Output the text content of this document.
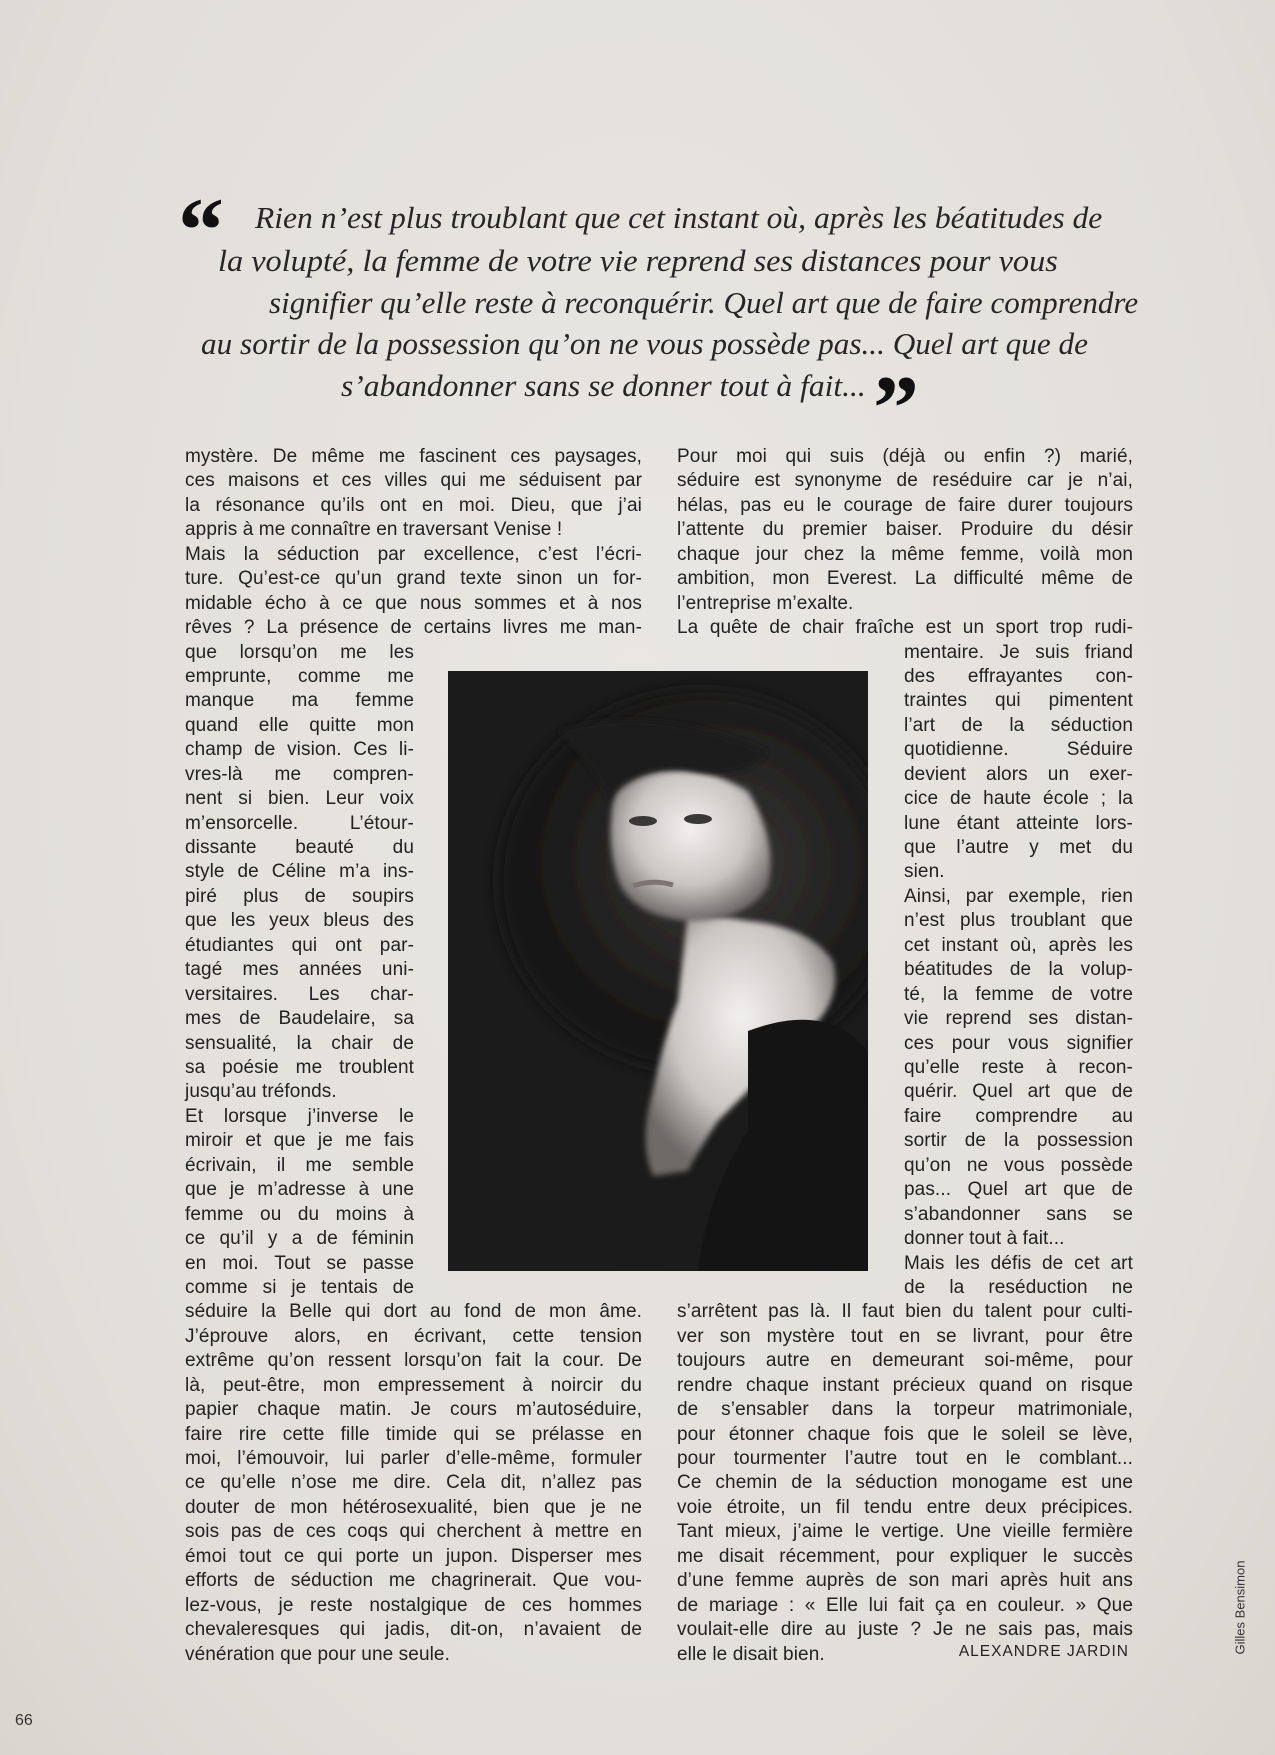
“ Rien n’est plus troublant que cet instant où, après les béatitudes de
la volupté, la femme de votre vie reprend ses distances pour vous
signifier qu’elle reste à reconquérir. Quel art que de faire comprendre
au sortir de la possession qu’on ne vous possède pas... Quel art que de
s’abandonner sans se donner tout à fait... ”
mystère. De même me fascinent ces paysages,
ces maisons et ces villes qui me séduisent par
la résonance qu’ils ont en moi. Dieu, que j’ai
appris à me connaître en traversant Venise !
Mais la séduction par excellence, c’est l’écri-
ture. Qu’est-ce qu’un grand texte sinon un for-
midable écho à ce que nous sommes et à nos
rêves ? La présence de certains livres me man-
que lorsqu’on me les
emprunte, comme me
manque ma femme
quand elle quitte mon
champ de vision. Ces li-
vres-là me compren-
nent si bien. Leur voix
m’ensorcelle. L’étour-
dissante beauté du
style de Céline m’a ins-
piré plus de soupirs
que les yeux bleus des
étudiantes qui ont par-
tagé mes années uni-
versitaires. Les char-
mes de Baudelaire, sa
sensualité, la chair de
sa poésie me troublent
jusqu’au tréfonds.
Et lorsque j’inverse le
miroir et que je me fais
écrivain, il me semble
que je m’adresse à une
femme ou du moins à
ce qu’il y a de féminin
en moi. Tout se passe
comme si je tentais de
séduire la Belle qui dort au fond de mon âme.
J’éprouve alors, en écrivant, cette tension
extrême qu’on ressent lorsqu’on fait la cour. De
là, peut-être, mon empressement à noircir du
papier chaque matin. Je cours m’autoséduire,
faire rire cette fille timide qui se prélasse en
moi, l’émouvoir, lui parler d’elle-même, formuler
ce qu’elle n’ose me dire. Cela dit, n’allez pas
douter de mon hétérosexualité, bien que je ne
sois pas de ces coqs qui cherchent à mettre en
émoi tout ce qui porte un jupon. Disperser mes
efforts de séduction me chagrinerait. Que vou-
lez-vous, je reste nostalgique de ces hommes
chevaleresques qui jadis, dit-on, n’avaient de
vénération que pour une seule.
Pour moi qui suis (déjà ou enfin ?) marié,
séduire est synonyme de reséduire car je n’ai,
hélas, pas eu le courage de faire durer toujours
l’attente du premier baiser. Produire du désir
chaque jour chez la même femme, voilà mon
ambition, mon Everest. La difficulté même de
l’entreprise m’exalte.
La quête de chair fraîche est un sport trop rudi-
mentaire. Je suis friand
des effrayantes con-
traintes qui pimentent
l’art de la séduction
quotidienne. Séduire
devient alors un exer-
cice de haute école ; la
lune étant atteinte lors-
que l’autre y met du
sien.
Ainsi, par exemple, rien
n’est plus troublant que
cet instant où, après les
béatitudes de la volup-
té, la femme de votre
vie reprend ses distan-
ces pour vous signifier
qu’elle reste à recon-
quérir. Quel art que de
faire comprendre au
sortir de la possession
qu’on ne vous possède
pas... Quel art que de
s’abandonner sans se
donner tout à fait...
Mais les défis de cet art
de la reséduction ne
s’arrêtent pas là. Il faut bien du talent pour culti-
ver son mystère tout en se livrant, pour être
toujours autre en demeurant soi-même, pour
rendre chaque instant précieux quand on risque
de s’ensabler dans la torpeur matrimoniale,
pour étonner chaque fois que le soleil se lève,
pour tourmenter l’autre tout en le comblant...
Ce chemin de la séduction monogame est une
voie étroite, un fil tendu entre deux précipices.
Tant mieux, j’aime le vertige. Une vieille fermière
me disait récemment, pour expliquer le succès
d’une femme auprès de son mari après huit ans
de mariage : « Elle lui fait ça en couleur. » Que
voulait-elle dire au juste ? Je ne sais pas, mais
elle le disait bien.	ALEXANDRE JARDIN	Gilles Bensimon
66
